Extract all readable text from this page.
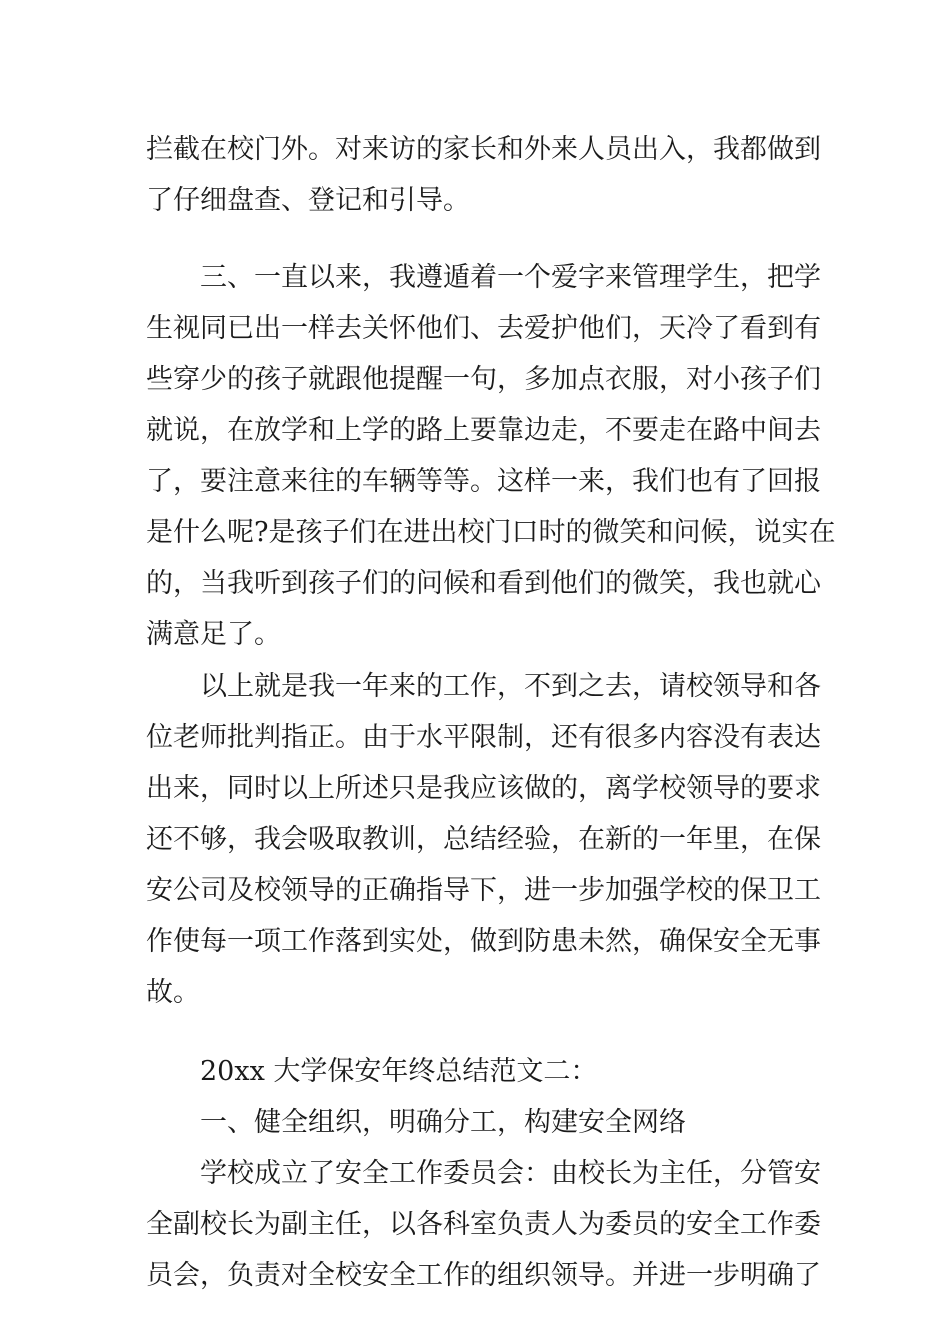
拦截在校门外。对来访的家长和外来人员出入，我都做到
了仔细盘查、登记和引导。
三、一直以来，我遵遁着一个爱字来管理学生，把学
生视同已出一样去关怀他们、去爱护他们，天冷了看到有
些穿少的孩子就跟他提醒一句，多加点衣服，对小孩子们
就说，在放学和上学的路上要靠边走，不要走在路中间去
了，要注意来往的车辆等等。这样一来，我们也有了回报
是什么呢?是孩子们在进出校门口时的微笑和问候，说实在
的，当我听到孩子们的问候和看到他们的微笑，我也就心
满意足了。
以上就是我一年来的工作，不到之去，请校领导和各
位老师批判指正。由于水平限制，还有很多内容没有表达
出来，同时以上所述只是我应该做的，离学校领导的要求
还不够，我会吸取教训，总结经验，在新的一年里，在保
安公司及校领导的正确指导下，进一步加强学校的保卫工
作使每一项工作落到实处，做到防患未然，确保安全无事
故。
20xx 大学保安年终总结范文二：
一、健全组织，明确分工，构建安全网络
学校成立了安全工作委员会：由校长为主任，分管安
全副校长为副主任，以各科室负责人为委员的安全工作委
员会，负责对全校安全工作的组织领导。并进一步明确了
